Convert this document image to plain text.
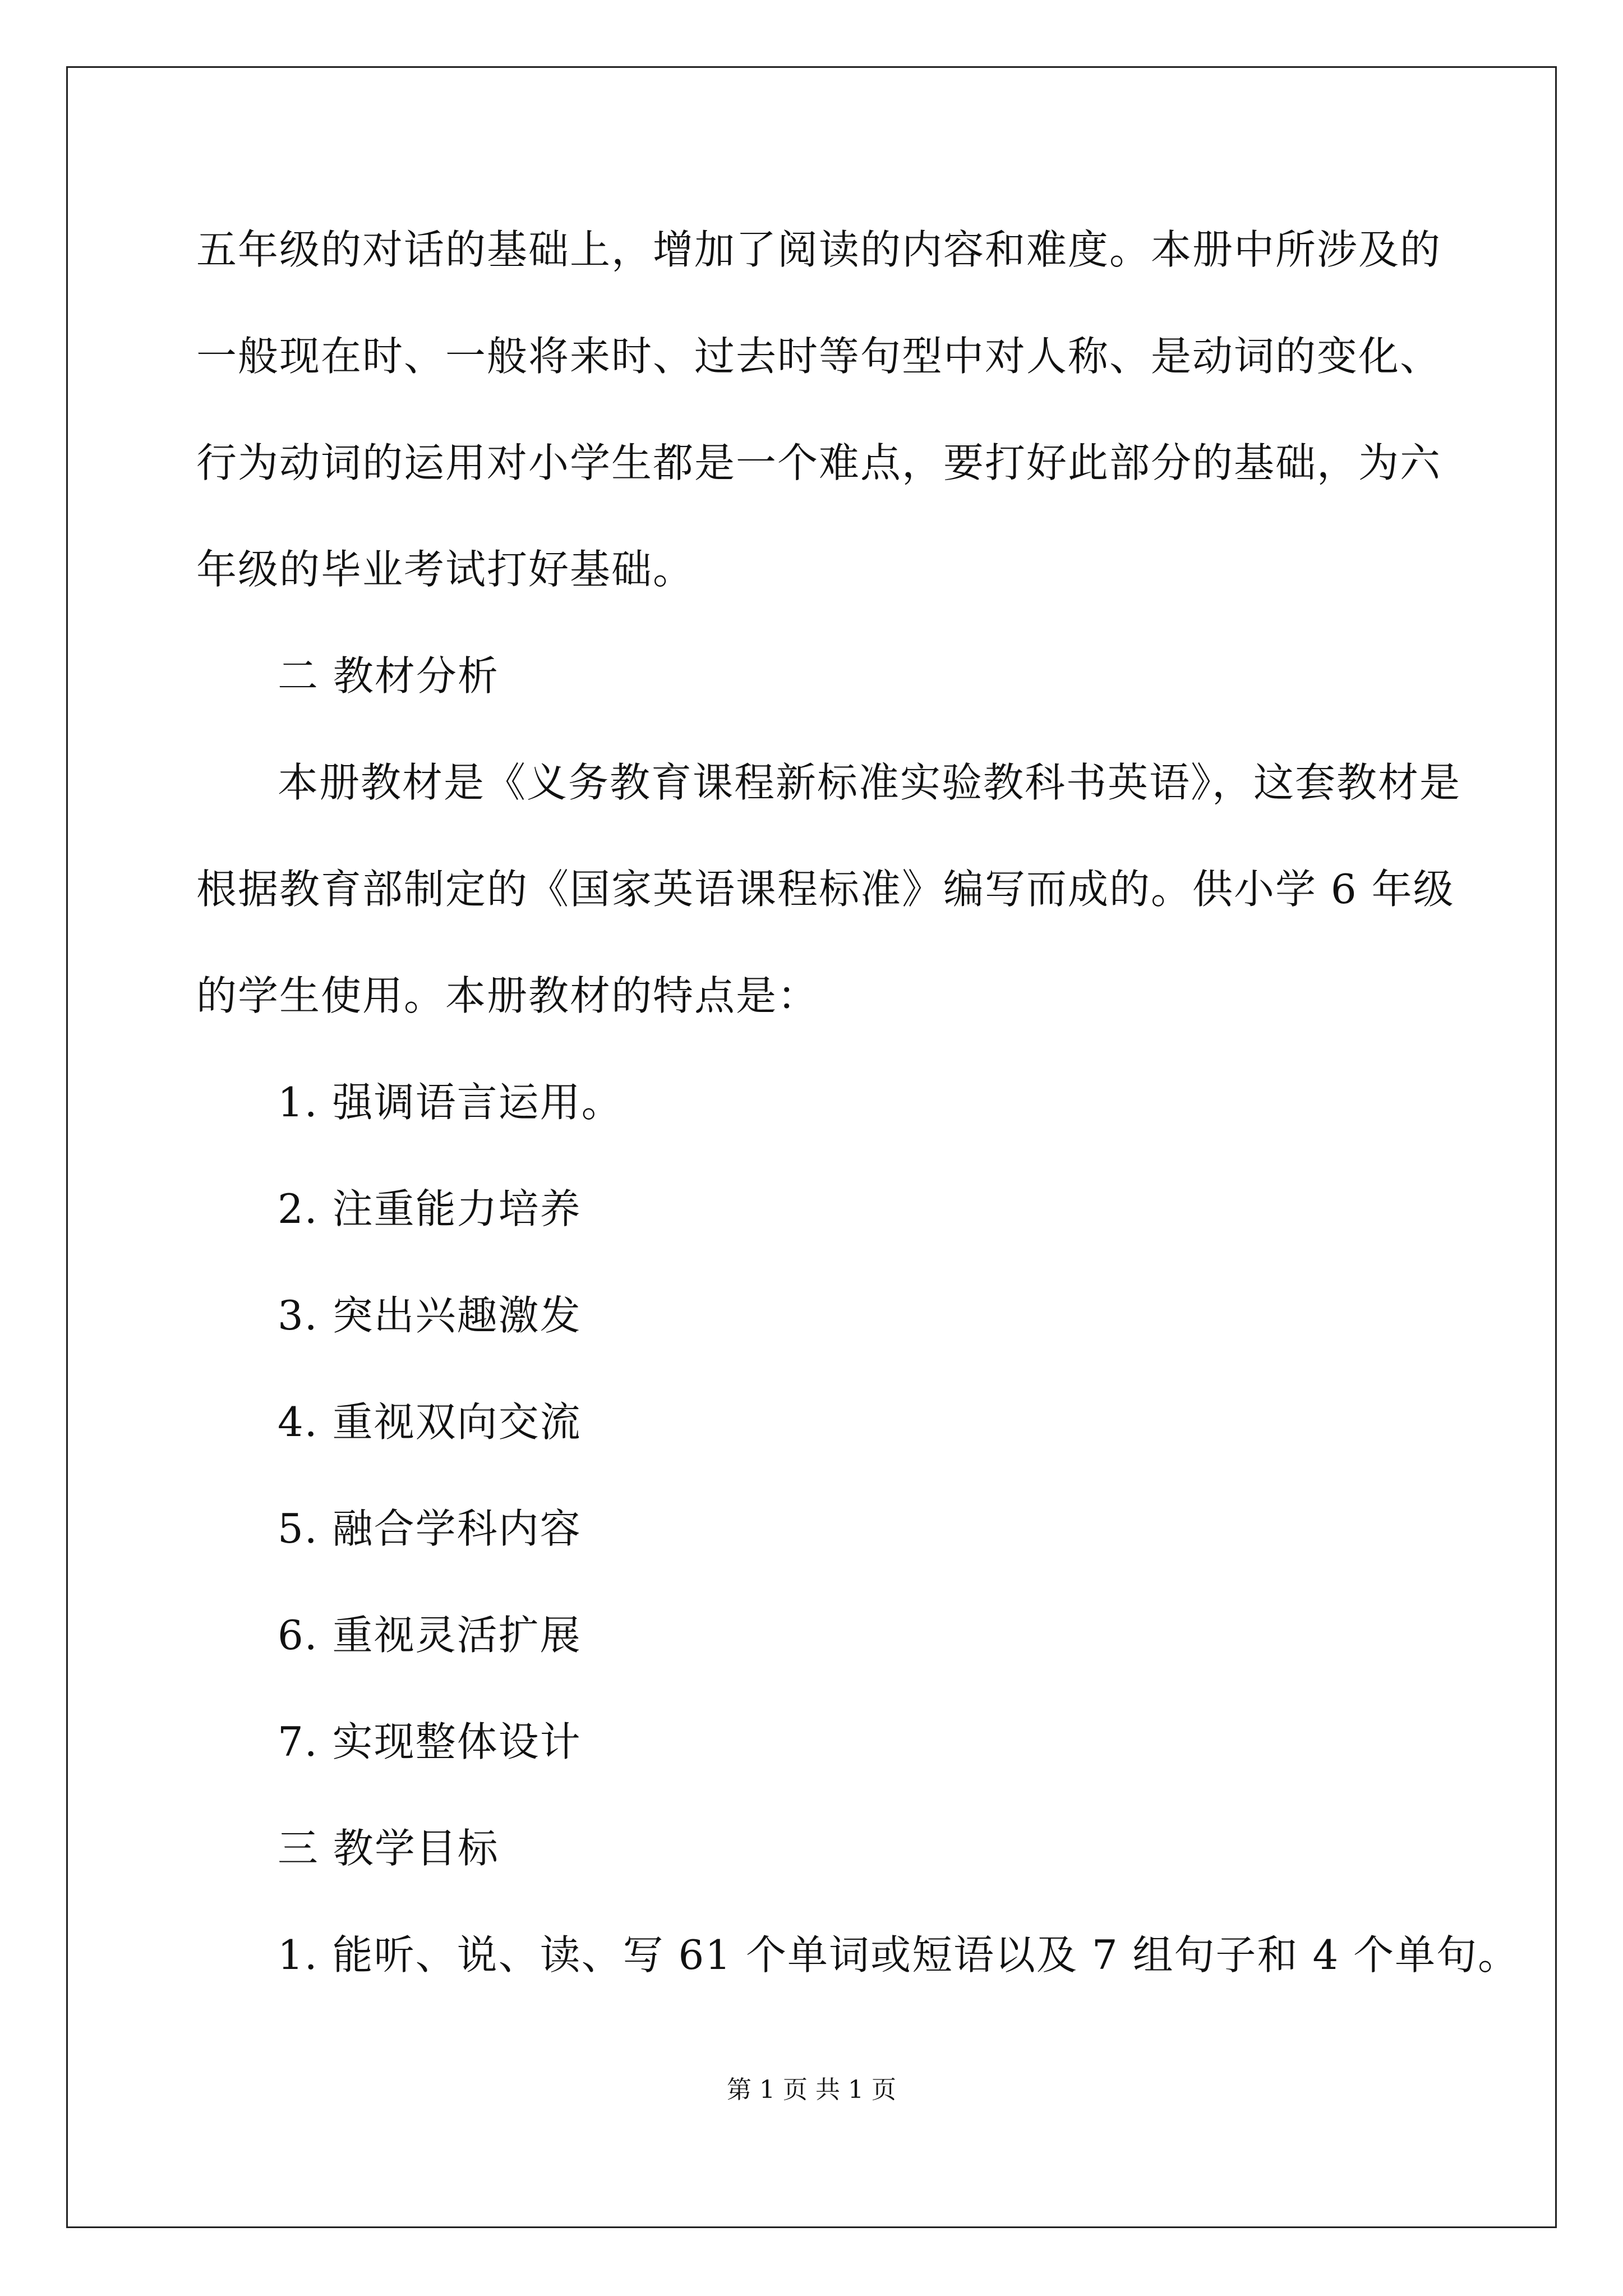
五年级的对话的基础上，增加了阅读的内容和难度。本册中所涉及的
一般现在时、一般将来时、过去时等句型中对人称、是动词的变化、
行为动词的运用对小学生都是一个难点，要打好此部分的基础，为六
年级的毕业考试打好基础。
二 教材分析
本册教材是《义务教育课程新标准实验教科书英语》，这套教材是
根据教育部制定的《国家英语课程标准》编写而成的。供小学 6 年级
的学生使用。本册教材的特点是：
1. 强调语言运用。
2. 注重能力培养
3. 突出兴趣激发
4. 重视双向交流
5. 融合学科内容
6. 重视灵活扩展
7. 实现整体设计
三 教学目标
1. 能听、说、读、写 61 个单词或短语以及 7 组句子和 4 个单句。
第 1 页 共 1 页
